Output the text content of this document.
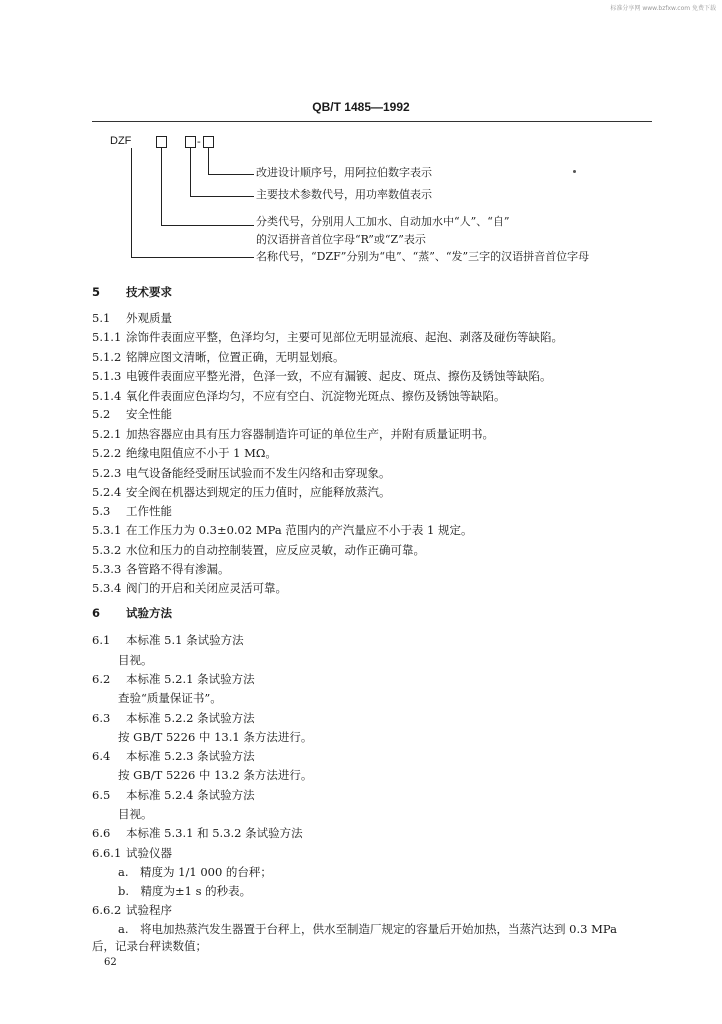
标准分享网 www.bzfxw.com 免费下载
QB/T 1485—1992
DZF	-
改进设计顺序号，用阿拉伯数字表示
主要技术参数代号，用功率数值表示
分类代号，分别用人工加水、自动加水中“人”、“自”
的汉语拼音首位字母“R”或“Z”表示
名称代号，“DZF”分别为“电”、“蒸”、“发”三字的汉语拼音首位字母
5 技术要求
5.1 外观质量
5.1.1 涂饰件表面应平整，色泽均匀，主要可见部位无明显流痕、起泡、剥落及碰伤等缺陷。
5.1.2 铭牌应图文清晰，位置正确，无明显划痕。
5.1.3 电镀件表面应平整光滑，色泽一致，不应有漏镀、起皮、斑点、擦伤及锈蚀等缺陷。
5.1.4 氧化件表面应色泽均匀，不应有空白、沉淀物光斑点、擦伤及锈蚀等缺陷。
5.2 安全性能
5.2.1 加热容器应由具有压力容器制造许可证的单位生产，并附有质量证明书。
5.2.2 绝缘电阻值应不小于 1 MΩ。
5.2.3 电气设备能经受耐压试验而不发生闪络和击穿现象。
5.2.4 安全阀在机器达到规定的压力值时，应能释放蒸汽。
5.3 工作性能
5.3.1 在工作压力为 0.3±0.02 MPa 范围内的产汽量应不小于表 1 规定。
5.3.2 水位和压力的自动控制装置，应反应灵敏，动作正确可靠。
5.3.3 各管路不得有渗漏。
5.3.4 阀门的开启和关闭应灵活可靠。
6 试验方法
6.1 本标准 5.1 条试验方法
目视。
6.2 本标准 5.2.1 条试验方法
查验“质量保证书”。
6.3 本标准 5.2.2 条试验方法
按 GB/T 5226 中 13.1 条方法进行。
6.4 本标准 5.2.3 条试验方法
按 GB/T 5226 中 13.2 条方法进行。
6.5 本标准 5.2.4 条试验方法
目视。
6.6 本标准 5.3.1 和 5.3.2 条试验方法
6.6.1 试验仪器
a.　精度为 1/1 000 的台秤；
b.　精度为±1 s 的秒表。
6.6.2 试验程序
a.　将电加热蒸汽发生器置于台秤上，供水至制造厂规定的容量后开始加热，当蒸汽达到 0.3 MPa
后，记录台秤读数值；
62
